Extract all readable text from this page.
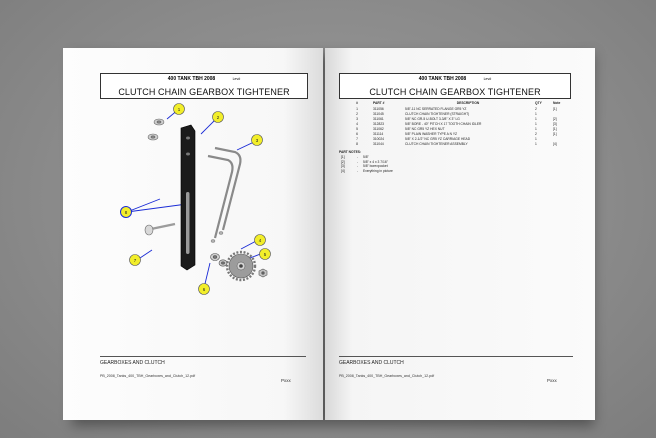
400 TANK TBH 2008	Lev#
CLUTCH CHAIN GEARBOX TIGHTENER
1
2
3
4
5
6
7
8
GEARBOXES AND CLUTCH
PB_2008_Tanks_400_TBH_Gearboxes_and_Clutch_12.pdf
Pxxx
400 TANK TBH 2008	Lev#
CLUTCH CHAIN GEARBOX TIGHTENER
#	PART #	DESCRIPTION	QTY	Note
1	311056	5/8"-11 NC SERRATED FLANGE GR5 YZ	2	[1]
2	311045	CLUTCH CHAIN TIGHTENER (STRAIGHT)	1	
3	311061	5/8" NC GR-5 U-BOLT 3-3/8" X 3" LG	1	[2]
4	312823	5/8" BORE - 40" PITCH X 17 TOOTH CHAIN IDLER	1	[3]
5	311062	5/8" NC GR5 YZ HEX NUT	1	[1]
6	311114	5/8" PLAIN WASHER TYPE A N YZ	2	[1]
7	310024	5/8" X 2-1/2" NC GR5 YZ CARRIAGE HEAD	1	
8	311044	CLUTCH CHAIN TIGHTENER ASSEMBLY	1	[4]
PART NOTES:
[1]	- 5/8"
[2]	- 5/8" x 4 x 3 7/16"
[3]	- 5/8" borexpocket
[4]	- Everything in picture
GEARBOXES AND CLUTCH
PB_2008_Tanks_400_TBH_Gearboxes_and_Clutch_12.pdf
Pxxx
